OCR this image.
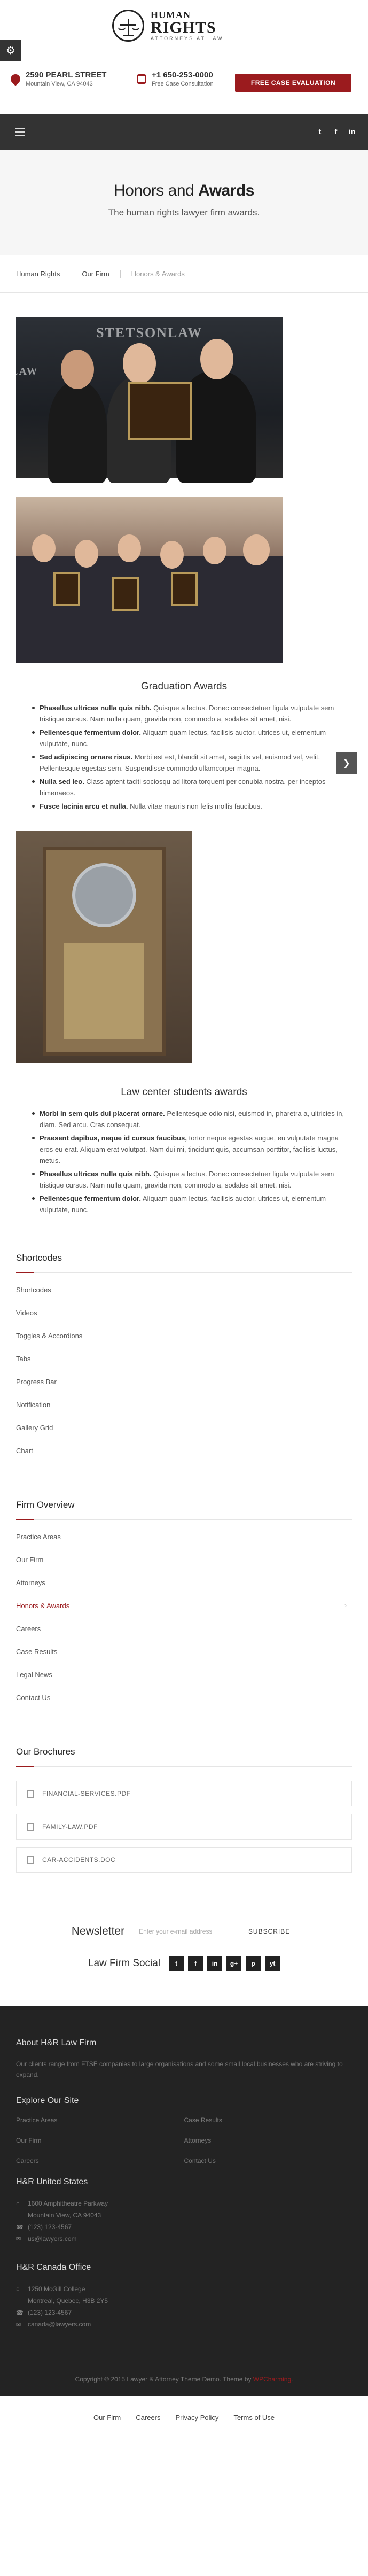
⚙
HUMAN
RIGHTS
ATTORNEYS AT LAW
2590 PEARL STREET
Mountain View, CA 94043
+1 650-253-0000
Free Case Consultation	FREE CASE EVALUATION
t	f	in
Honors and Awards
The human rights lawyer firm awards.
Human Rights	Our Firm	Honors & Awards
STETSONLAW
LAW
❯
Graduation Awards
Phasellus ultrices nulla quis nibh. Quisque a lectus. Donec consectetuer ligula vulputate sem tristique cursus. Nam nulla quam, gravida non, commodo a, sodales sit amet, nisi.
Pellentesque fermentum dolor. Aliquam quam lectus, facilisis auctor, ultrices ut, elementum vulputate, nunc.
Sed adipiscing ornare risus. Morbi est est, blandit sit amet, sagittis vel, euismod vel, velit. Pellentesque egestas sem. Suspendisse commodo ullamcorper magna.
Nulla sed leo. Class aptent taciti sociosqu ad litora torquent per conubia nostra, per inceptos himenaeos.
Fusce lacinia arcu et nulla. Nulla vitae mauris non felis mollis faucibus.
Law center students awards
Morbi in sem quis dui placerat ornare. Pellentesque odio nisi, euismod in, pharetra a, ultricies in, diam. Sed arcu. Cras consequat.
Praesent dapibus, neque id cursus faucibus, tortor neque egestas augue, eu vulputate magna eros eu erat. Aliquam erat volutpat. Nam dui mi, tincidunt quis, accumsan porttitor, facilisis luctus, metus.
Phasellus ultrices nulla quis nibh. Quisque a lectus. Donec consectetuer ligula vulputate sem tristique cursus. Nam nulla quam, gravida non, commodo a, sodales sit amet, nisi.
Pellentesque fermentum dolor. Aliquam quam lectus, facilisis auctor, ultrices ut, elementum vulputate, nunc.
Shortcodes
Shortcodes
Videos
Toggles & Accordions
Tabs
Progress Bar
Notification
Gallery Grid
Chart
Firm Overview
Practice Areas
Our Firm
Attorneys
Honors & Awards	›
Careers
Case Results
Legal News
Contact Us
Our Brochures
FINANCIAL-SERVICES.PDF
FAMILY-LAW.PDF
CAR-ACCIDENTS.DOC
Newsletter	Enter your e-mail address	SUBSCRIBE
Law Firm Social	t	f	in	g+	p	yt
About H&R Law Firm
Our clients range from FTSE companies to large organisations and some small local businesses who are striving to expand.
Explore Our Site
Practice Areas
Our Firm
Careers
Case Results
Attorneys
Contact Us
H&R United States
⌂	1600 Amphitheatre Parkway
Mountain View, CA 94043
☎ (123) 123-4567
✉ us@lawyers.com
H&R Canada Office
⌂	1250 McGill College
Montreal, Quebec, H3B 2Y5
☎ (123) 123-4567
✉ canada@lawyers.com
Copyright © 2015 Lawyer & Attorney Theme Demo. Theme by WPCharming.
Our Firm Careers Privacy Policy Terms of Use
